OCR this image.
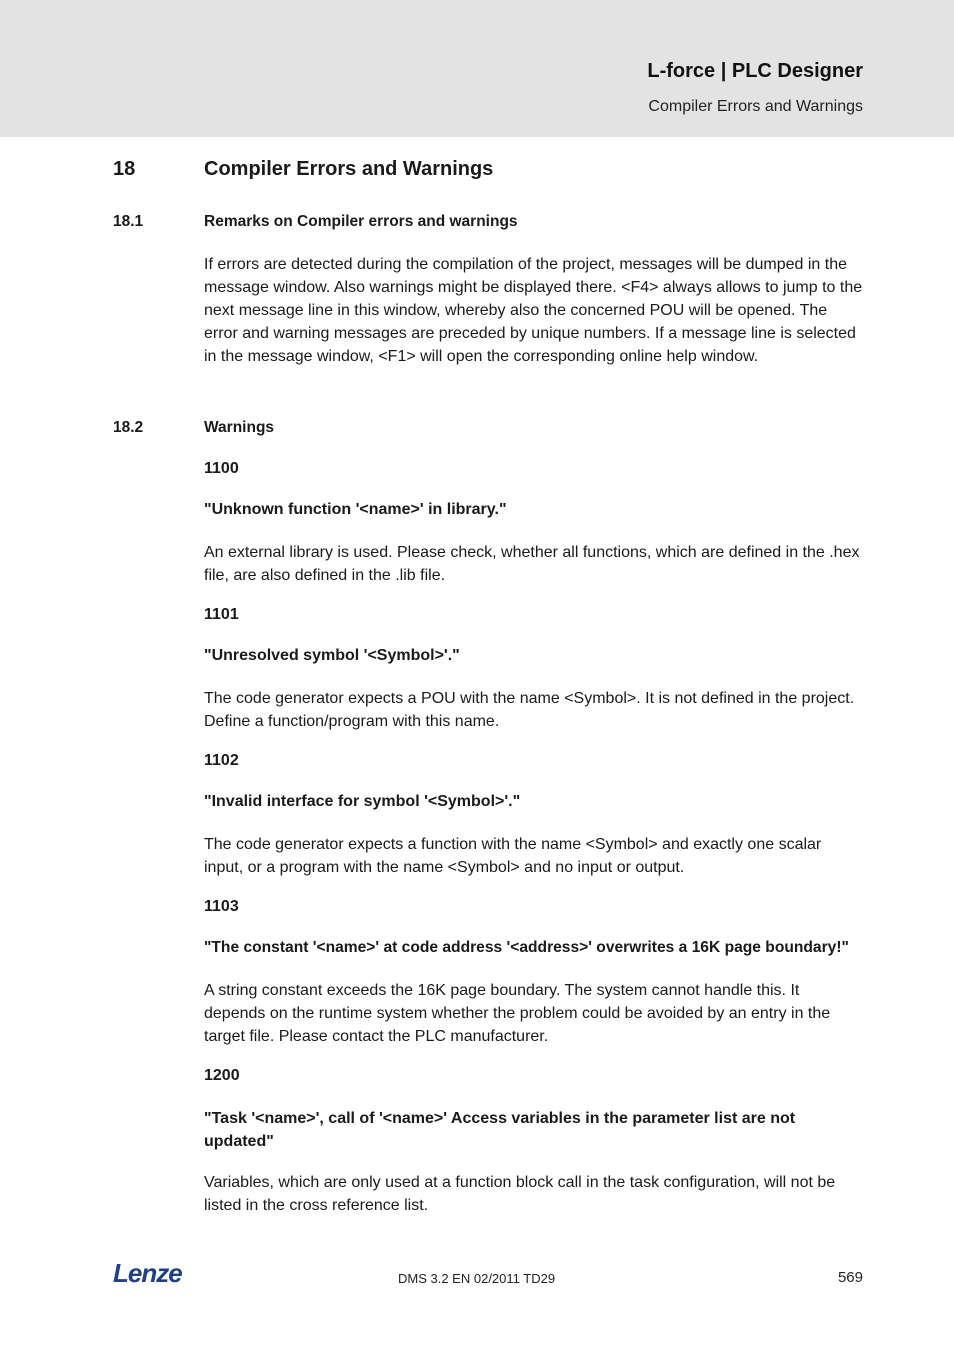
L-force | PLC Designer
Compiler Errors and Warnings
18	Compiler Errors and Warnings
18.1	Remarks on Compiler errors and warnings
If errors are detected during the compilation of the project, messages will be dumped in the message window. Also warnings might be displayed there. <F4> always allows to jump to the next message line in this window, whereby also the concerned POU will be opened. The error and warning messages are preceded by unique numbers. If a message line is selected in the message window, <F1> will open the corresponding online help window.
18.2	Warnings
1100
"Unknown function '<name>' in library."
An external library is used. Please check, whether all functions, which are defined in the .hex file, are also defined in the .lib file.
1101
"Unresolved symbol '<Symbol>'."
The code generator expects a POU with the name <Symbol>. It is not defined in the project. Define a function/program with this name.
1102
"Invalid interface for symbol '<Symbol>'."
The code generator expects a function with the name <Symbol> and exactly one scalar input, or a program with the name <Symbol> and no input or output.
1103
"The constant '<name>' at code address '<address>' overwrites a 16K page boundary!"
A string constant exceeds the 16K page boundary. The system cannot handle this. It depends on the runtime system whether the problem could be avoided by an entry in the target file. Please contact the PLC manufacturer.
1200
"Task '<name>', call of '<name>' Access variables in the parameter list are not updated"
Variables, which are only used at a function block call in the task configuration, will not be listed in the cross reference list.
Lenze	DMS 3.2 EN 02/2011 TD29	569
